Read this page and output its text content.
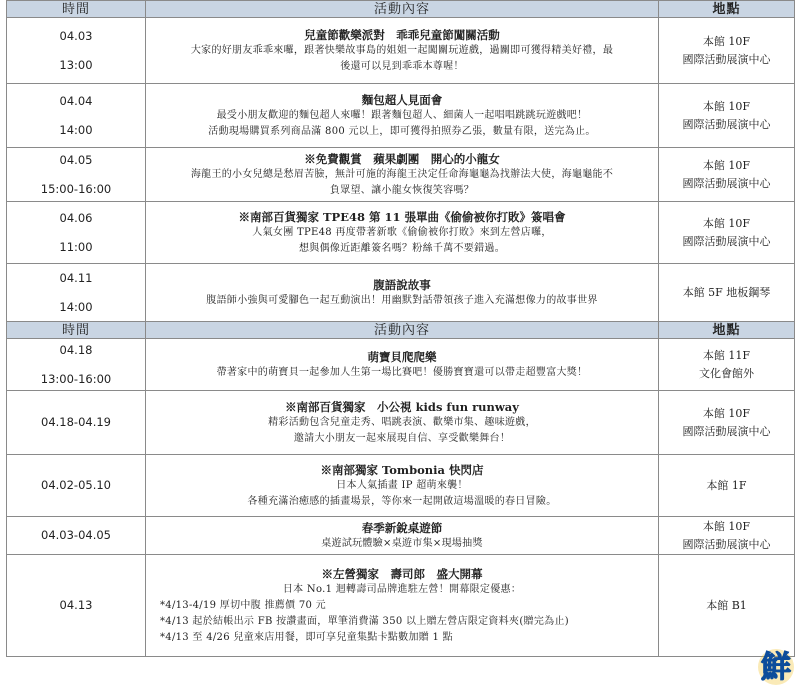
時間	活動內容	地點

04.03
13:00	兒童節歡樂派對　乖乖兒童節闖關活動
大家的好朋友乖乖來囉，跟著快樂故事島的姐姐一起闖關玩遊戲，過關即可獲得精美好禮，最
後還可以見到乖乖本尊喔！	本館 10F
國際活動展演中心

04.04
14:00	麵包超人見面會
最受小朋友歡迎的麵包超人來囉！跟著麵包超人、細菌人一起唱唱跳跳玩遊戲吧！
活動現場購買系列商品滿 800 元以上，即可獲得拍照券乙張，數量有限，送完為止。	本館 10F
國際活動展演中心

04.05
15:00-16:00	※免費觀賞　蘋果劇團　開心的小龍女
海龍王的小女兒總是愁眉苦臉，無計可施的海龍王決定任命海龜龜為找辦法大使，海龜龜能不
負眾望、讓小龍女恢復笑容嗎？	本館 10F
國際活動展演中心

04.06
11:00	※南部百貨獨家 TPE48 第 11 張單曲《偷偷被你打敗》簽唱會
人氣女團 TPE48 再度帶著新歌《偷偷被你打敗》來到左營店囉，
想與偶像近距離簽名嗎？粉絲千萬不要錯過。	本館 10F
國際活動展演中心

04.11
14:00	腹語說故事
腹語師小強與可愛腳色一起互動演出！用幽默對話帶領孩子進入充滿想像力的故事世界	本館 5F 地板鋼琴

時間	活動內容	地點

04.18
13:00-16:00	萌寶貝爬爬樂
帶著家中的萌寶貝一起參加人生第一場比賽吧！優勝寶寶還可以帶走超豐富大獎！	本館 11F
文化會館外

04.18-04.19	※南部百貨獨家　小公視 kids fun runway
精彩活動包含兒童走秀、唱跳表演、歡樂市集、趣味遊戲，
邀請大小朋友一起來展現自信、享受歡樂舞台！	本館 10F
國際活動展演中心

04.02-05.10	※南部獨家 Tombonia 快閃店
日本人氣插畫 IP 超萌來襲！
各種充滿治癒感的插畫場景，等你來一起開啟這場溫暖的春日冒險。	本館 1F

04.03-04.05	春季新銳桌遊節
桌遊試玩體驗×桌遊市集×現場抽獎	本館 10F
國際活動展演中心

04.13	※左營獨家　壽司郎　盛大開幕
日本 No.1 迴轉壽司品牌進駐左營！開幕限定優惠：
*4/13-4/19 厚切中腹 推薦價 70 元
*4/13 起於結帳出示 FB 按讚畫面，單筆消費滿 350 以上贈左營店限定資料夾(贈完為止)
*4/13 至 4/26 兒童來店用餐，即可享兒童集點卡點數加贈 1 點	本館 B1
鮮
